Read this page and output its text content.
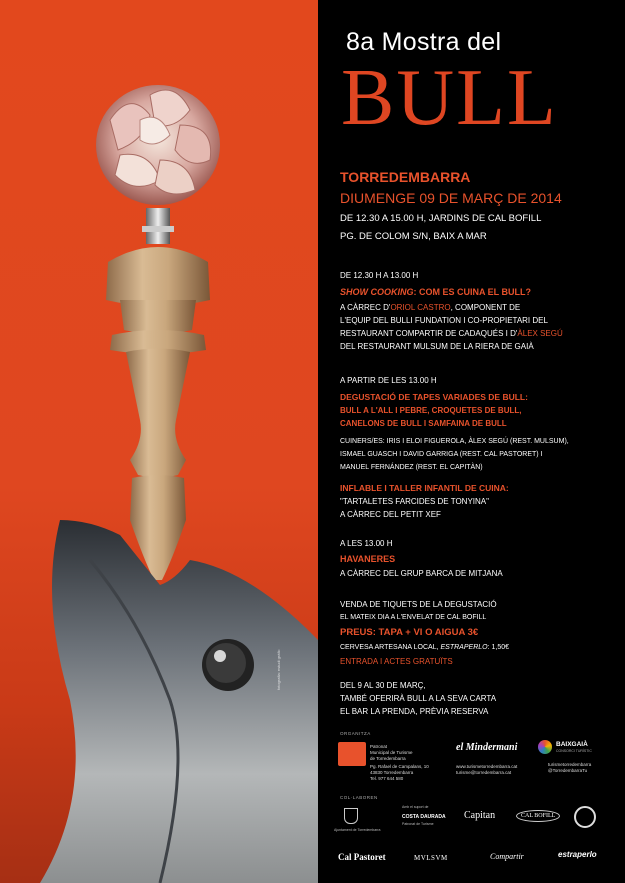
fotografia: estudi gràfic
8a Mostra del
BULL
TORREDEMBARRA
DIUMENGE 09 DE MARÇ DE 2014
DE 12.30 A 15.00 H, JARDINS DE CAL BOFILL
PG. DE COLOM S/N, BAIX A MAR
DE 12.30 H A 13.00 H
SHOW COOKING: COM ES CUINA EL BULL?
A CÀRREC D'ORIOL CASTRO, COMPONENT DE
L'EQUIP DEL BULLI FUNDATION I CO-PROPIETARI DEL
RESTAURANT COMPARTIR DE CADAQUÉS I D'ÀLEX SEGÚ
DEL RESTAURANT MULSUM DE LA RIERA DE GAIÀ
A PARTIR DE LES 13.00 H
DEGUSTACIÓ DE TAPES VARIADES DE BULL:
BULL A L'ALL I PEBRE, CROQUETES DE BULL,
CANELONS DE BULL I SAMFAINA DE BULL
CUINERS/ES: IRIS I ELOI FIGUEROLA, ÀLEX SEGÚ (REST. MULSUM),
ISMAEL GUASCH I DAVID GARRIGA (REST. CAL PASTORET) I
MANUEL FERNÁNDEZ (REST. EL CAPITÀN)
INFLABLE I TALLER INFANTIL DE CUINA:
"TARTALETES FARCIDES DE TONYINA"
A CÀRREC DEL PETIT XEF
A LES 13.00 H
HAVANERES
A CÀRREC DEL GRUP BARCA DE MITJANA
VENDA DE TIQUETS DE LA DEGUSTACIÓ
EL MATEIX DIA A L'ENVELAT DE CAL BOFILL
PREUS: TAPA + VI O AIGUA 3€
CERVESA ARTESANA LOCAL, ESTRAPERLO: 1,50€
ENTRADA I ACTES GRATUÏTS
DEL 9 AL 30 DE MARÇ,
TAMBÉ OFERIRÀ BULL A LA SEVA CARTA
EL BAR LA PRENDA, PRÈVIA RESERVA
ORGANITZA
Patronat
Municipal de Turisme
de Torredembarra
Pg. Rafael de Campalans, 10
43830 Torredembarra
Tel. 977 644 580
el Mindermani
www.turismetorredembarra.cat
turisme@torredembarra.cat
BAIXGAIÀ
CONSORCI TURÍSTIC
turismetorredembarra
@TorredembarraTu
COL·LABOREN
Ajuntament de Torredembarra
Amb el suport de
COSTA DAURADA
Patronat de Turisme
Capitan	CAL BOFILL
Cal Pastoret	MVLSVM	Compartir	estraperlo
